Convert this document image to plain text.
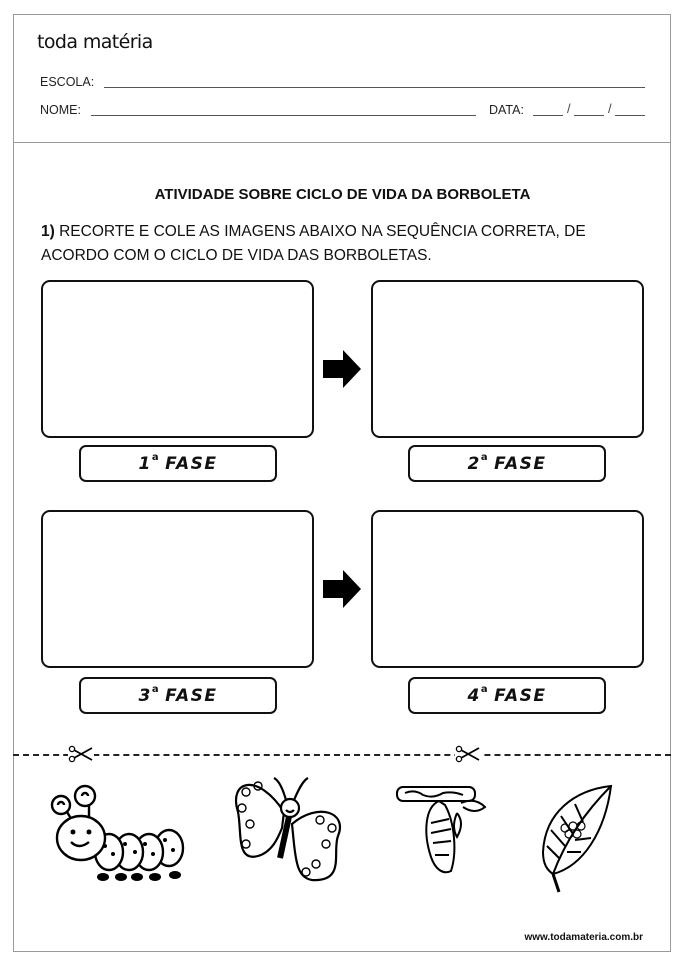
toda matéria
ESCOLA:
NOME:	DATA:	/	/
ATIVIDADE SOBRE CICLO DE VIDA DA BORBOLETA
1) RECORTE E COLE AS IMAGENS ABAIXO NA SEQUÊNCIA CORRETA, DE ACORDO COM O CICLO DE VIDA DAS BORBOLETAS.
1$^a$ FASE	2$^a$ FASE
3$^a$ FASE	4$^a$ FASE
www.todamateria.com.br
